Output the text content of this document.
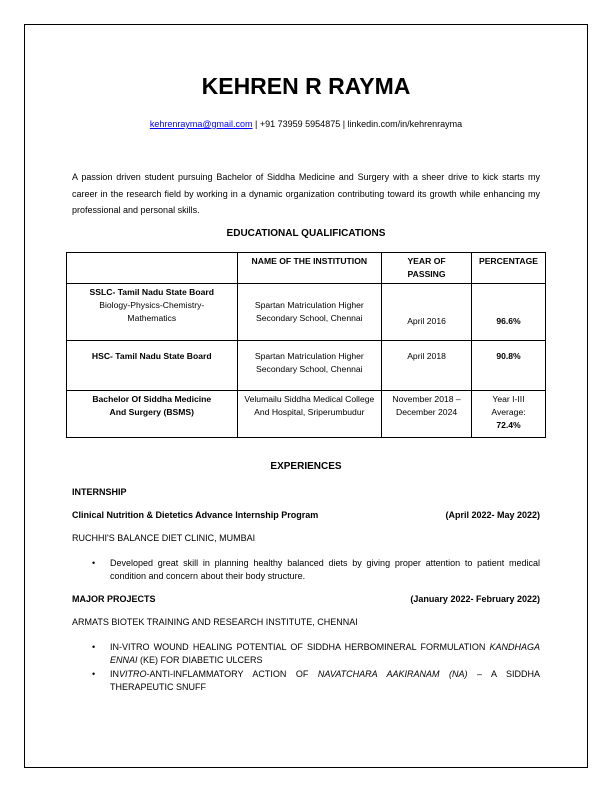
KEHREN R RAYMA
kehrenrayma@gmail.com | +91 73959 5954875 | linkedin.com/in/kehrenrayma
A passion driven student pursuing Bachelor of Siddha Medicine and Surgery with a sheer drive to kick starts my career in the research field by working in a dynamic organization contributing toward its growth while enhancing my professional and personal skills.
EDUCATIONAL QUALIFICATIONS
	NAME OF THE INSTITUTION	YEAR OF PASSING	PERCENTAGE

SSLC- Tamil Nadu State Board
Biology-Physics-Chemistry-Mathematics	Spartan Matriculation Higher Secondary School, Chennai	April 2016	96.6%
HSC- Tamil Nadu State Board	Spartan Matriculation Higher Secondary School, Chennai	April 2018	90.8%
Bachelor Of Siddha Medicine And Surgery (BSMS)	Velumailu Siddha Medical College And Hospital, Sriperumbudur	November 2018 – December 2024	Year I-III Average:
72.4%
EXPERIENCES
INTERNSHIP
Clinical Nutrition & Dietetics Advance Internship Program	(April 2022- May 2022)
RUCHHI'S BALANCE DIET CLINIC, MUMBAI
• Developed great skill in planning healthy balanced diets by giving proper attention to patient medical condition and concern about their body structure.
MAJOR PROJECTS	(January 2022- February 2022)
ARMATS BIOTEK TRAINING AND RESEARCH INSTITUTE, CHENNAI
• IN-VITRO WOUND HEALING POTENTIAL OF SIDDHA HERBOMINERAL FORMULATION KANDHAGA ENNAI (KE) FOR DIABETIC ULCERS
• INVITRO-ANTI-INFLAMMATORY ACTION OF NAVATCHARA AAKIRANAM (NA) – A SIDDHA THERAPEUTIC SNUFF
